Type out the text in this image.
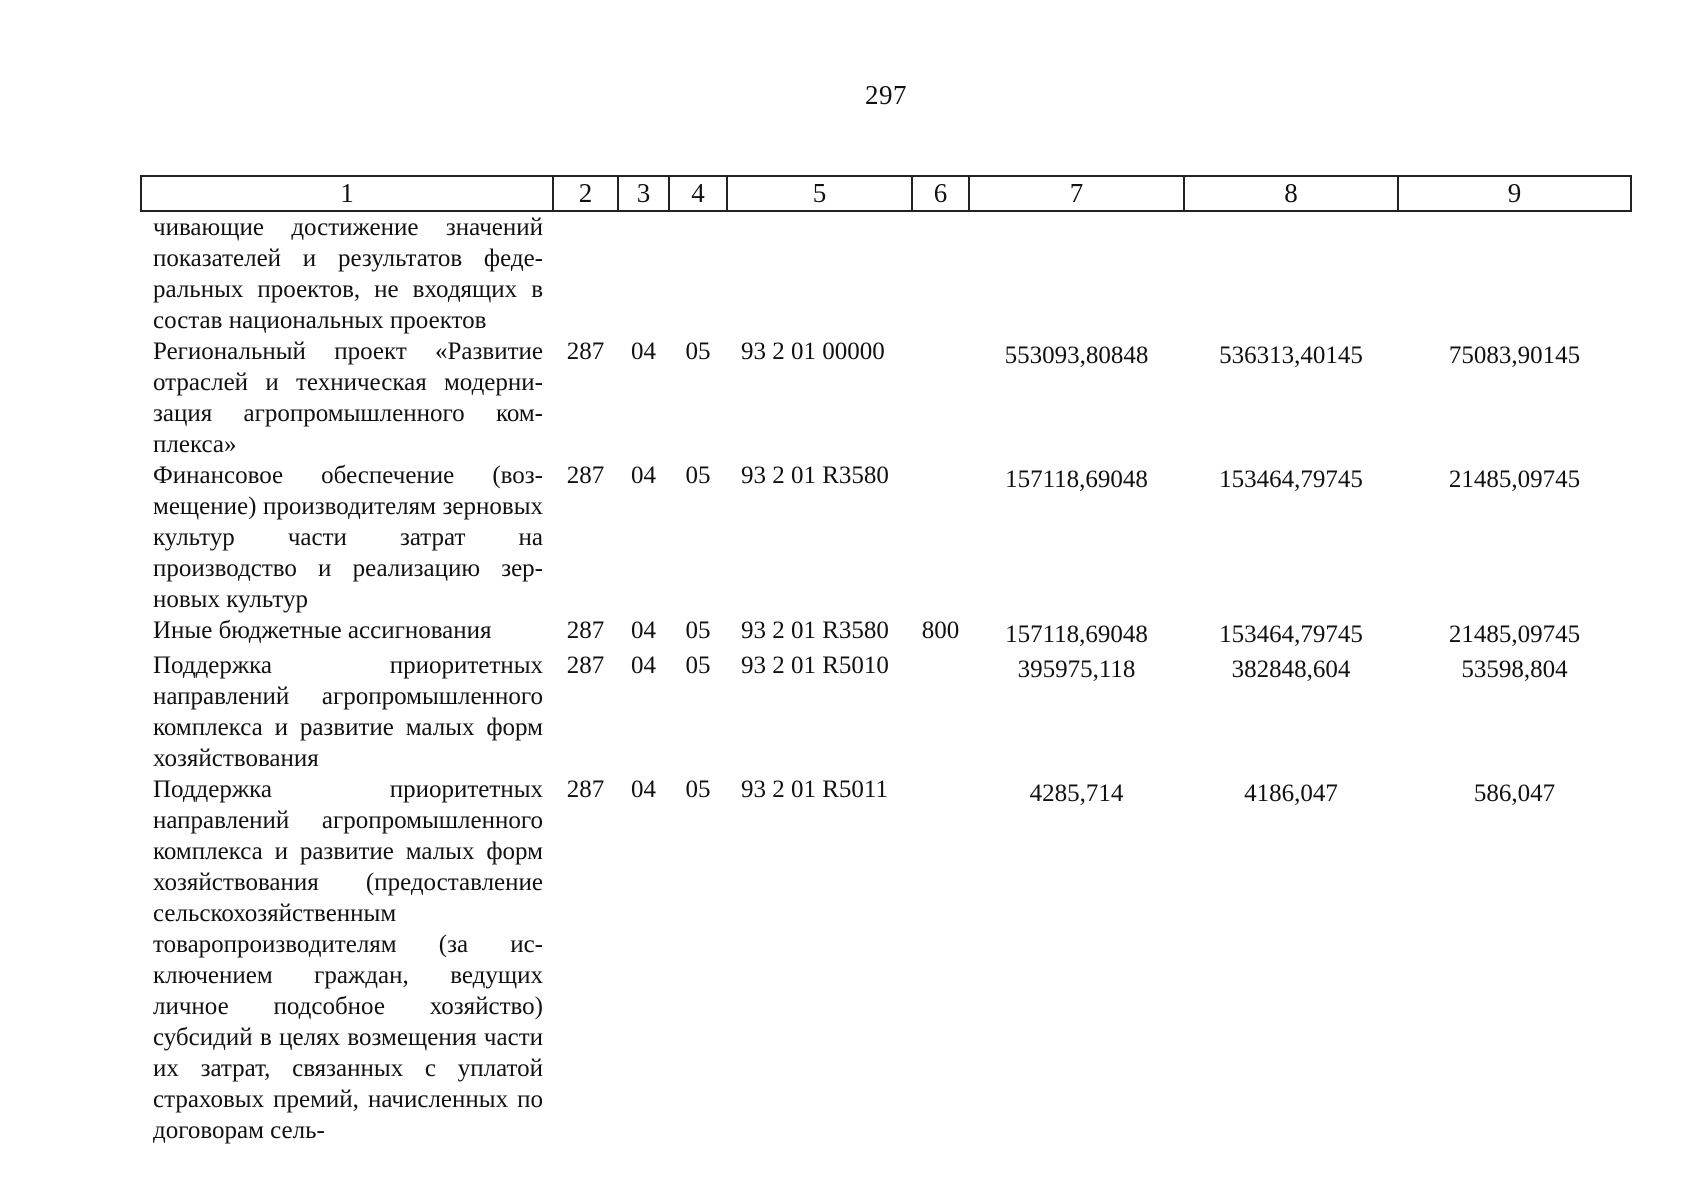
297
1	2	3	4	5	6	7	8	9
чивающие достижение значений показателей и результатов федеральных проектов, не входящих в состав национальных проектов								
Региональный проект «Развитие отраслей и техническая модернизация агропромышленного комплекса»	287	04	05	93 2 01 00000		553093,80848	536313,40145	75083,90145
Финансовое обеспечение (возмещение) производителям зерновых культур части затрат на производство и реализацию зерновых культур	287	04	05	93 2 01 R3580		157118,69048	153464,79745	21485,09745
Иные бюджетные ассигнования	287	04	05	93 2 01 R3580	800	157118,69048	153464,79745	21485,09745
Поддержка приоритетных направлений агропромышленного комплекса и развитие малых форм хозяйствования	287	04	05	93 2 01 R5010		395975,118	382848,604	53598,804
Поддержка приоритетных направлений агропромышленного комплекса и развитие малых форм хозяйствования (предоставление сельскохозяйственным товаропроизводителям (за исключением граждан, ведущих личное подсобное хозяйство) субсидий в целях возмещения части их затрат, связанных с уплатой страховых премий, начисленных по договорам сель-	287	04	05	93 2 01 R5011		4285,714	4186,047	586,047
